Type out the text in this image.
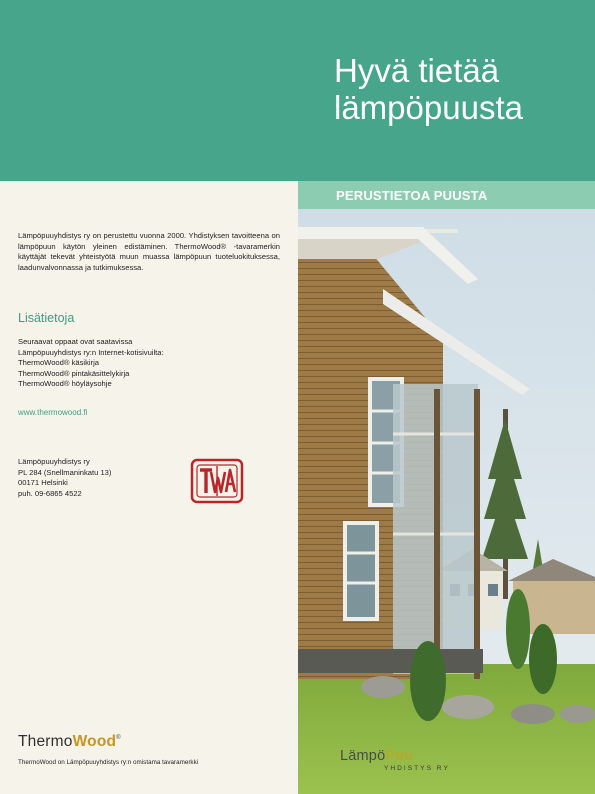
Hyvä tietää
lämpöpuusta
PERUSTIETOA PUUSTA
Lämpöpuuyhdistys ry on perustettu vuonna 2000. Yhdistyksen tavoitteena on lämpöpuun käytön yleinen edistäminen. ThermoWood® -tavaramerkin käyttäjät tekevät yhteistyötä muun muassa lämpöpuun tuoteluokituksessa, laadunvalvonnassa ja tutkimuksessa.
Lisätietoja
Seuraavat oppaat ovat saatavissa
Lämpöpuuyhdistys ry:n Internet-kotisivuilta:
ThermoWood® käsikirja
ThermoWood® pintakäsittelykirja
ThermoWood® höyläysohje
www.thermowood.fi
Lämpöpuuyhdistys ry
PL 284 (Snellmaninkatu 13)
00171 Helsinki
puh. 09-6865 4522
ThermoWood®
ThermoWood on Lämpöpuuyhdistys ry:n omistama tavaramerkki	LämpöPuu
YHDISTYS RY
